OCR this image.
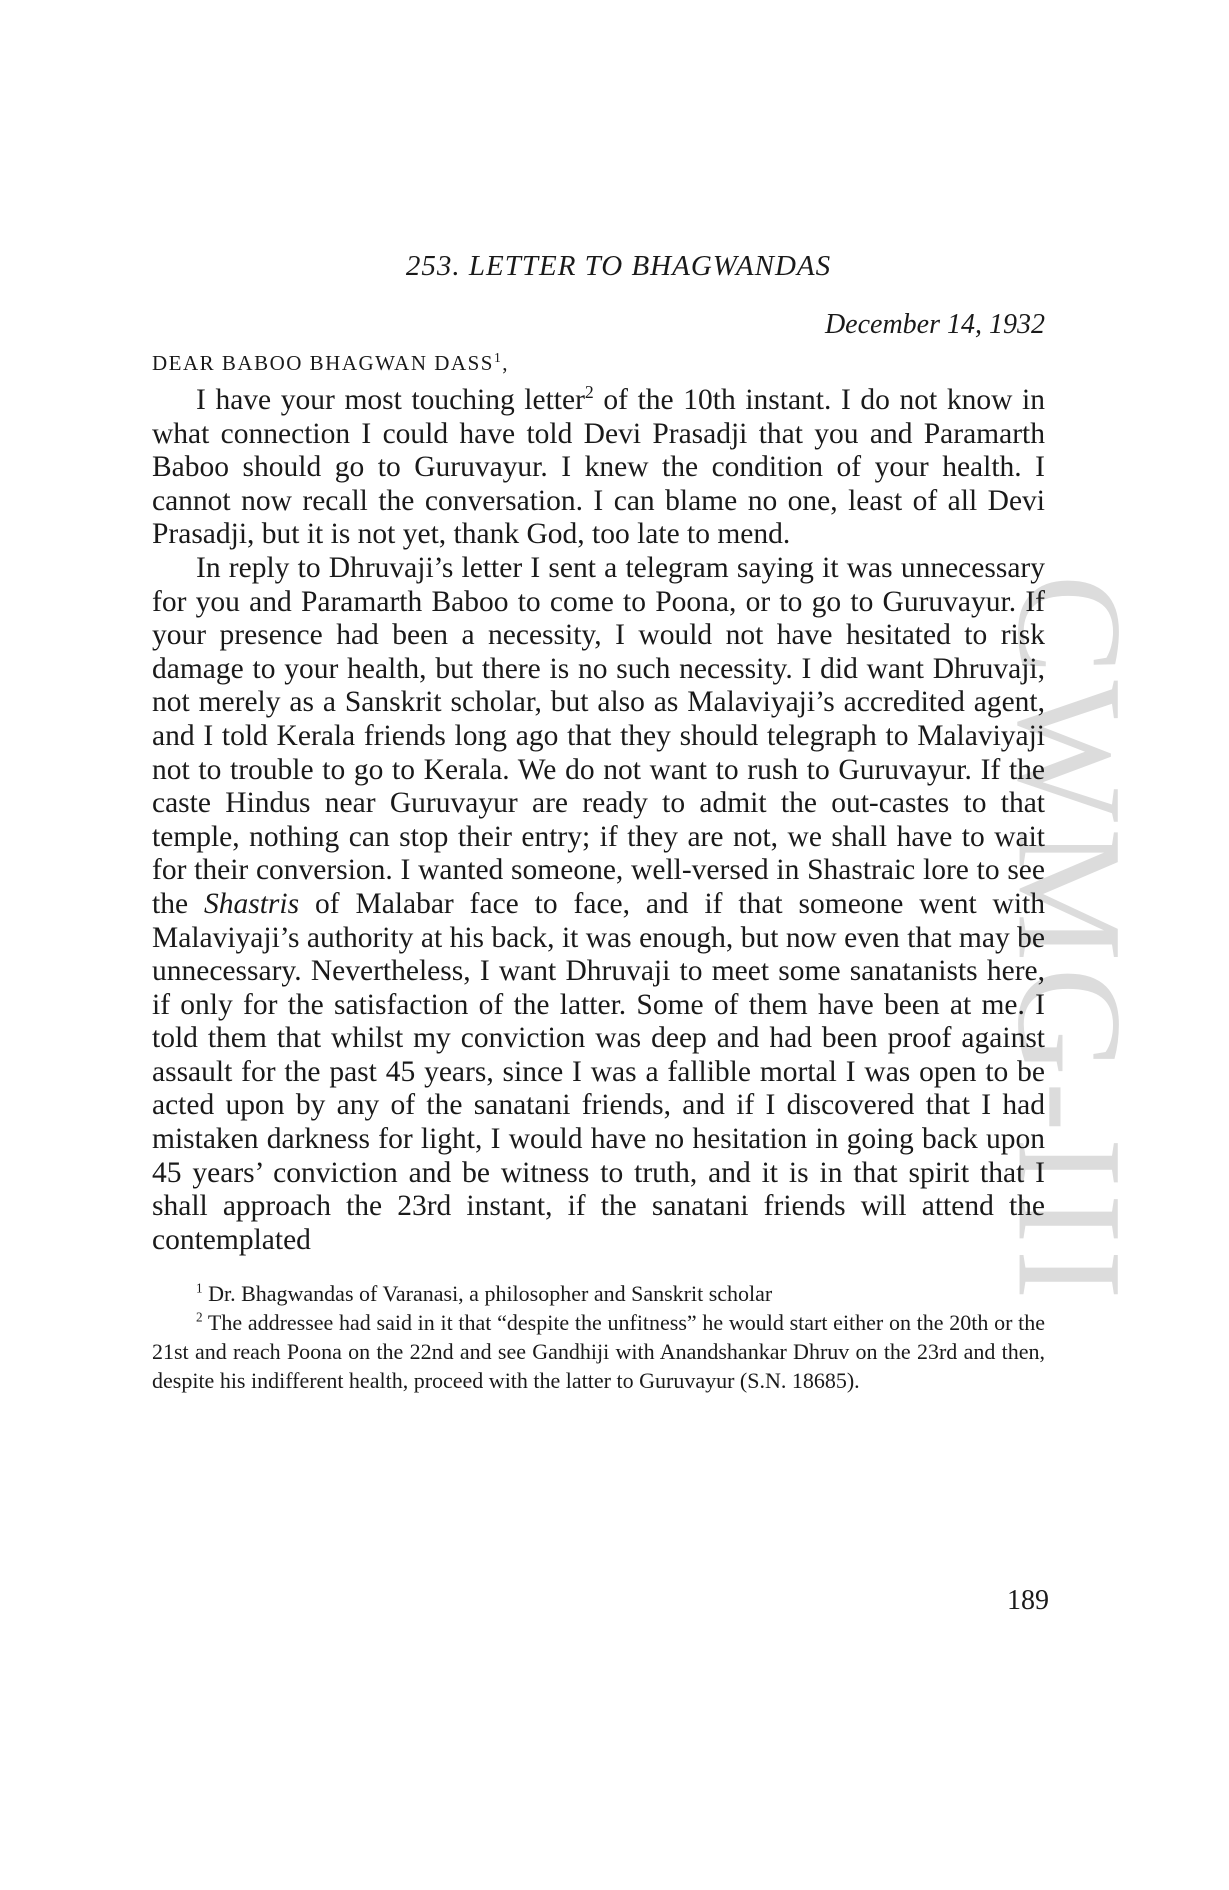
CWMG-III
253. LETTER TO BHAGWANDAS
December 14, 1932
DEAR BABOO BHAGWAN DASS$^1$,

I have your most touching letter$^2$ of the 10th instant. I do not know in what connection I could have told Devi Prasadji that you and Paramarth Baboo should go to Guruvayur. I knew the condition of your health. I cannot now recall the conversation. I can blame no one, least of all Devi Prasadji, but it is not yet, thank God, too late to mend.

In reply to Dhruvaji’s letter I sent a telegram saying it was unnecessary for you and Paramarth Baboo to come to Poona, or to go to Guruvayur. If your presence had been a necessity, I would not have hesitated to risk damage to your health, but there is no such necessity. I did want Dhruvaji, not merely as a Sanskrit scholar, but also as Malaviyaji’s accredited agent, and I told Kerala friends long ago that they should telegraph to Malaviyaji not to trouble to go to Kerala. We do not want to rush to Guruvayur. If the caste Hindus near Guruvayur are ready to admit the out-castes to that temple, nothing can stop their entry; if they are not, we shall have to wait for their conversion. I wanted someone, well-versed in Shastraic lore to see the Shastris of Malabar face to face, and if that someone went with Malaviyaji’s authority at his back, it was enough, but now even that may be unnecessary. Nevertheless, I want Dhruvaji to meet some sanatanists here, if only for the satisfaction of the latter. Some of them have been at me. I told them that whilst my conviction was deep and had been proof against assault for the past 45 years, since I was a fallible mortal I was open to be acted upon by any of the sanatani friends, and if I discovered that I had mistaken darkness for light, I would have no hesitation in going back upon 45 years’ conviction and be witness to truth, and it is in that spirit that I shall approach the 23rd instant, if the sanatani friends will attend the contemplated

$^1$ Dr. Bhagwandas of Varanasi, a philosopher and Sanskrit scholar

$^2$ The addressee had said in it that “despite the unfitness” he would start either on the 20th or the 21st and reach Poona on the 22nd and see Gandhiji with Anandshankar Dhruv on the 23rd and then, despite his indifferent health, proceed with the latter to Guruvayur (S.N. 18685).

189
